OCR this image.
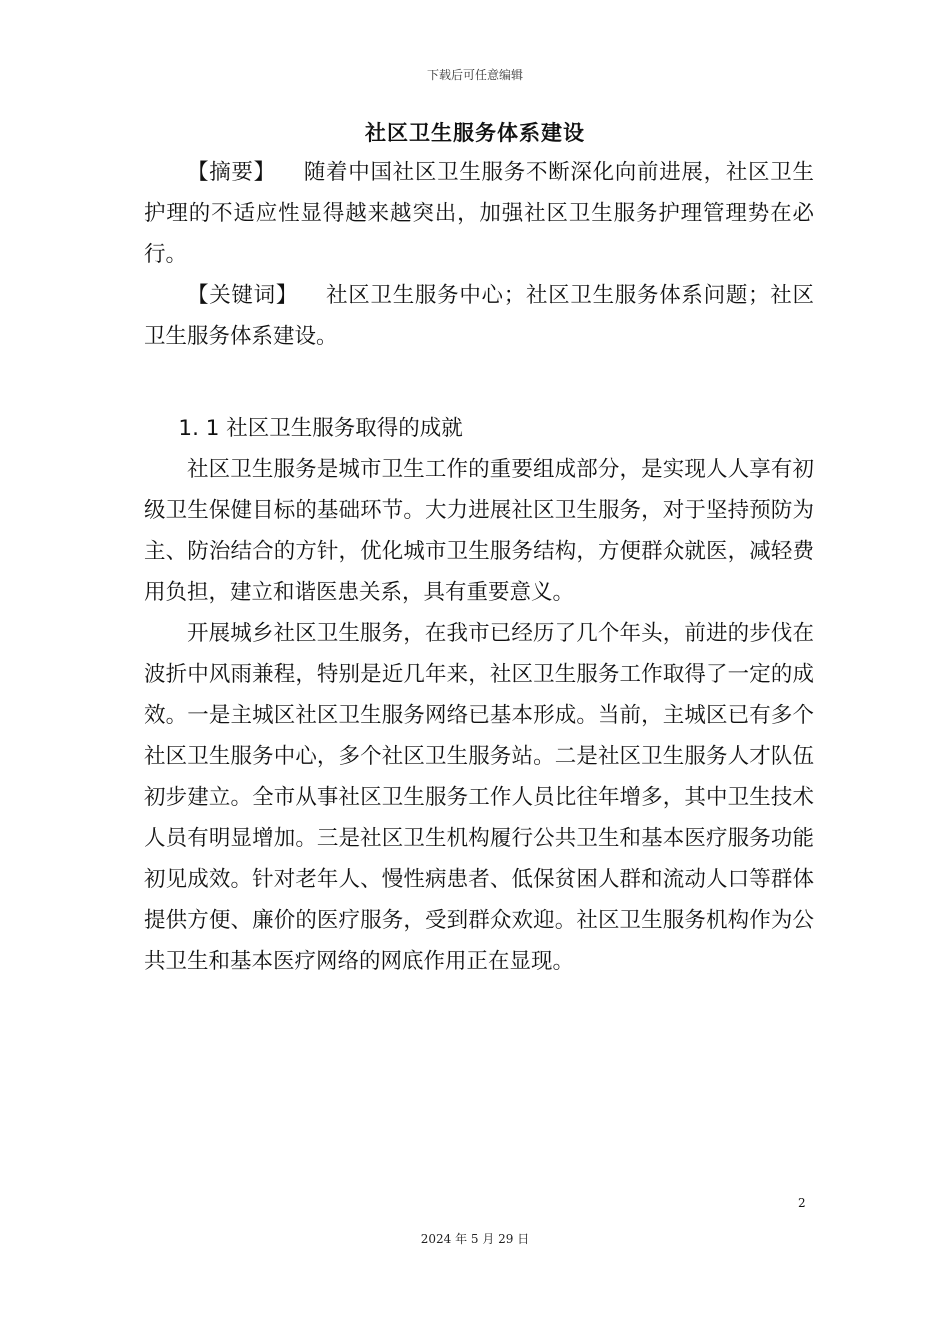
下载后可任意编辑
社区卫生服务体系建设

【摘要】 随着中国社区卫生服务不断深化向前进展，社区卫生护理的不适应性显得越来越突出，加强社区卫生服务护理管理势在必行。

【关键词】 社区卫生服务中心；社区卫生服务体系问题；社区卫生服务体系建设。

1. 1 社区卫生服务取得的成就

社区卫生服务是城市卫生工作的重要组成部分，是实现人人享有初级卫生保健目标的基础环节。大力进展社区卫生服务，对于坚持预防为主、防治结合的方针，优化城市卫生服务结构，方便群众就医，减轻费用负担，建立和谐医患关系，具有重要意义。

开展城乡社区卫生服务，在我市已经历了几个年头，前进的步伐在波折中风雨兼程，特别是近几年来，社区卫生服务工作取得了一定的成效。一是主城区社区卫生服务网络已基本形成。当前，主城区已有多个社区卫生服务中心，多个社区卫生服务站。二是社区卫生服务人才队伍初步建立。全市从事社区卫生服务工作人员比往年增多，其中卫生技术人员有明显增加。三是社区卫生机构履行公共卫生和基本医疗服务功能初见成效。针对老年人、慢性病患者、低保贫困人群和流动人口等群体提供方便、廉价的医疗服务，受到群众欢迎。社区卫生服务机构作为公共卫生和基本医疗网络的网底作用正在显现。

2
2024 年 5 月 29 日
